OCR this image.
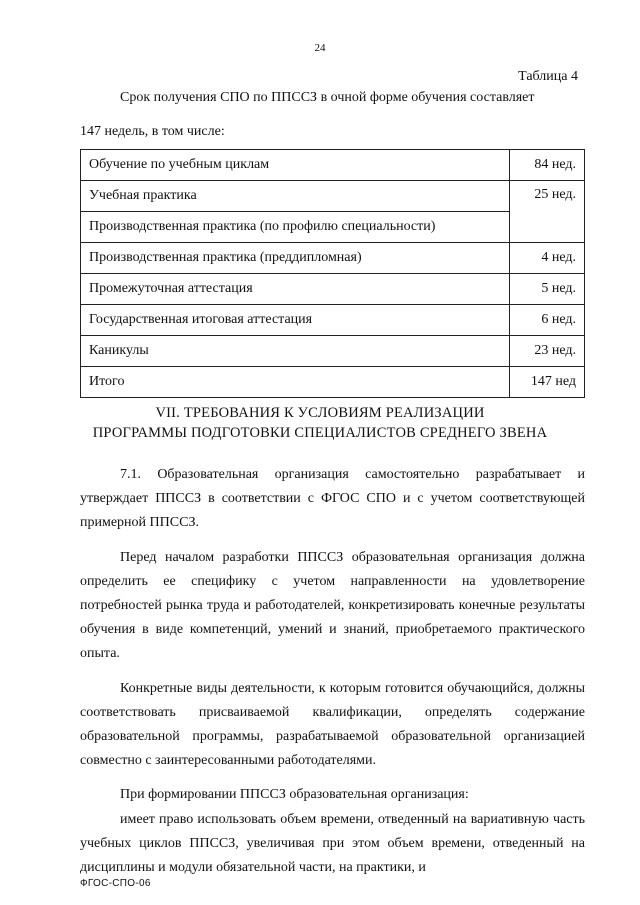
24
Таблица 4

Срок получения СПО по ППССЗ в очной форме обучения составляет

147 недель, в том числе:

Обучение по учебным циклам	84 нед.
Учебная практика	25 нед.
Производственная практика (по профилю специальности)	
Производственная практика (преддипломная)	4 нед.
Промежуточная аттестация	5 нед.
Государственная итоговая аттестация	6 нед.
Каникулы	23 нед.
Итого	147 нед
VII. ТРЕБОВАНИЯ К УСЛОВИЯМ РЕАЛИЗАЦИИ
ПРОГРАММЫ ПОДГОТОВКИ СПЕЦИАЛИСТОВ СРЕДНЕГО ЗВЕНА

7.1. Образовательная организация самостоятельно разрабатывает и утверждает ППССЗ в соответствии с ФГОС СПО и с учетом соответствующей примерной ППССЗ.

Перед началом разработки ППССЗ образовательная организация должна определить ее специфику с учетом направленности на удовлетворение потребностей рынка труда и работодателей, конкретизировать конечные результаты обучения в виде компетенций, умений и знаний, приобретаемого практического опыта.

Конкретные виды деятельности, к которым готовится обучающийся, должны соответствовать присваиваемой квалификации, определять содержание образовательной программы, разрабатываемой образовательной организацией совместно с заинтересованными работодателями.

При формировании ППССЗ образовательная организация:

имеет право использовать объем времени, отведенный на вариативную часть учебных циклов ППССЗ, увеличивая при этом объем времени, отведенный на дисциплины и модули обязательной части, на практики, и

ФГОС-СПО-06
